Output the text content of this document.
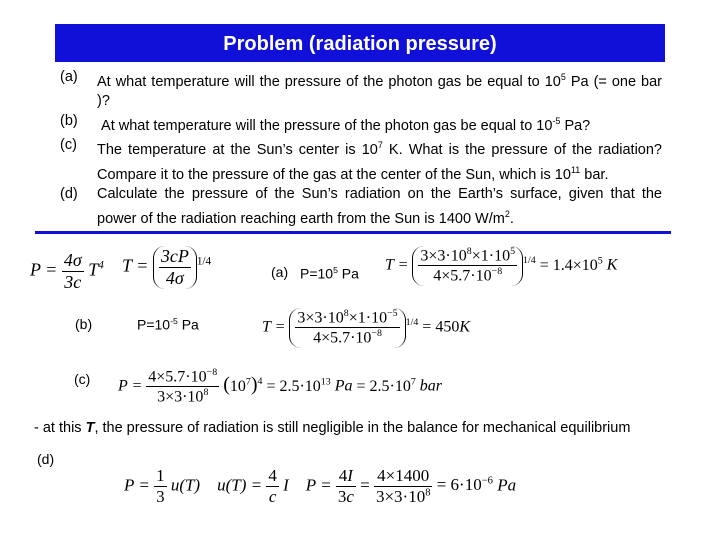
Problem (radiation pressure)
(a)	At what temperature will the pressure of the photon gas be equal to $10^5$ Pa (= one bar )?
(b)	At what temperature will the pressure of the photon gas be equal to $10^{-5}$ Pa?
(c)	The temperature at the Sun’s center is $10^7$ K. What is the pressure of the radiation? Compare it to the pressure of the gas at the center of the Sun, which is $10^{11}$ bar.
(d)	Calculate the pressure of the Sun’s radiation on the Earth’s surface, given that the power of the radiation reaching earth from the Sun is 1400 $W/m^2$.
$P = \frac{4\sigma}{3c} T^4$ $T = \frac{3cP}{4\sigma} ^{1/4}$
(a) $P=10^5$ Pa
$T = \frac{3\times 3\cdot 10^8\times 1\cdot 10^5}{4\times 5.7\cdot 10^{-8}} ^{1/4} = 1.4\times 10^5$ K
(b)	$P=10^{-5}$ Pa	$T = \frac{3\times 3\cdot 10^8\times 1\cdot 10^{-5}}{4\times 5.7\cdot 10^{-8}} ^{1/4} = 450K$
(c) $P = \frac{4\times 5.7\cdot 10^{-8}}{3\times 3\cdot 10^8} (10^7)^4 = 2.5\cdot 10^{13}$ $Pa = 2.5\cdot 10^7$ bar
- at this T, the pressure of radiation is still negligible in the balance for mechanical equilibrium
(d)
$P = \frac{1}{3} u(T)$    $u(T) = \frac{4}{c}$ I    $P = \frac{4I}{3c} = \frac{4\times 1400}{3\times 3\cdot 10^8} = 6\cdot 10^{-6}$ Pa
